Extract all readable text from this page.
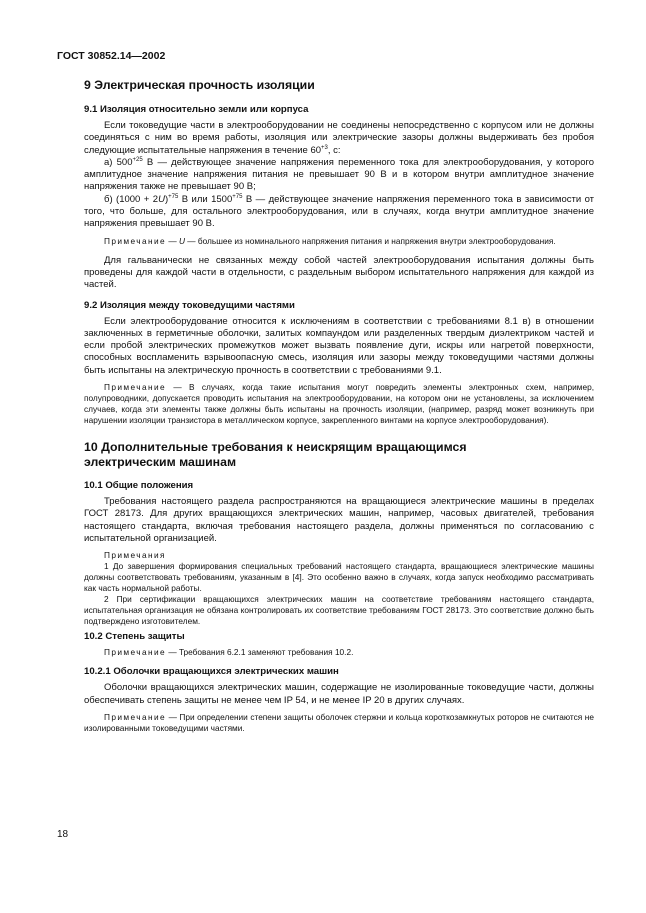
ГОСТ 30852.14—2002
9 Электрическая прочность изоляции
9.1 Изоляция относительно земли или корпуса

Если токоведущие части в электрооборудовании не соединены непосредственно с корпусом или не должны соединяться с ним во время работы, изоляция или электрические зазоры должны выдерживать без пробоя следующие испытательные напряжения в течение $60^{+3}$, с:

а) $500^{+25}$ В — действующее значение напряжения переменного тока для электрооборудования, у которого амплитудное значение напряжения питания не превышает 90 В и в котором внутри амплитудное значение напряжения также не превышает 90 В;

б) $(1000 + 2U)^{+75}$ В или $1500^{+75}$ В — действующее значение напряжения переменного тока в зависимости от того, что больше, для остального электрооборудования, или в случаях, когда внутри амплитудное значение напряжения превышает 90 В.

Примечание — U — большее из номинального напряжения питания и напряжения внутри электрооборудования.

Для гальванически не связанных между собой частей электрооборудования испытания должны быть проведены для каждой части в отдельности, с раздельным выбором испытательного напряжения для каждой из частей.

9.2 Изоляция между токоведущими частями

Если электрооборудование относится к исключениям в соответствии с требованиями 8.1 в) в отношении заключенных в герметичные оболочки, залитых компаундом или разделенных твердым диэлектриком частей и если пробой электрических промежутков может вызвать появление дуги, искры или нагретой поверхности, способных воспламенить взрывоопасную смесь, изоляция или зазоры между токоведущими частями должны быть испытаны на электрическую прочность в соответствии с требованиями 9.1.

Примечание — В случаях, когда такие испытания могут повредить элементы электронных схем, например, полупроводники, допускается проводить испытания на электрооборудовании, на котором они не установлены, за исключением случаев, когда эти элементы также должны быть испытаны на прочность изоляции, (например, разряд может возникнуть при нарушении изоляции транзистора в металлическом корпусе, закрепленного винтами на корпусе электрооборудования).
10 Дополнительные требования к неискрящим вращающимся
электрическим машинам
10.1 Общие положения

Требования настоящего раздела распространяются на вращающиеся электрические машины в пределах ГОСТ 28173. Для других вращающихся электрических машин, например, часовых двигателей, требования настоящего стандарта, включая требования настоящего раздела, должны применяться по согласованию с испытательной организацией.

Примечания
1 До завершения формирования специальных требований настоящего стандарта, вращающиеся электрические машины должны соответствовать требованиям, указанным в [4]. Это особенно важно в случаях, когда запуск необходимо рассматривать как часть нормальной работы.
2 При сертификации вращающихся электрических машин на соответствие требованиям настоящего стандарта, испытательная организация не обязана контролировать их соответствие требованиям ГОСТ 28173. Это соответствие должно быть подтверждено изготовителем.
10.2 Степень защиты
Примечание — Требования 6.2.1 заменяют требования 10.2.
10.2.1 Оболочки вращающихся электрических машин

Оболочки вращающихся электрических машин, содержащие не изолированные токоведущие части, должны обеспечивать степень защиты не менее чем IP 54, и не менее IP 20 в других случаях.

Примечание — При определении степени защиты оболочек стержни и кольца короткозамкнутых роторов не считаются не изолированными токоведущими частями.
18
